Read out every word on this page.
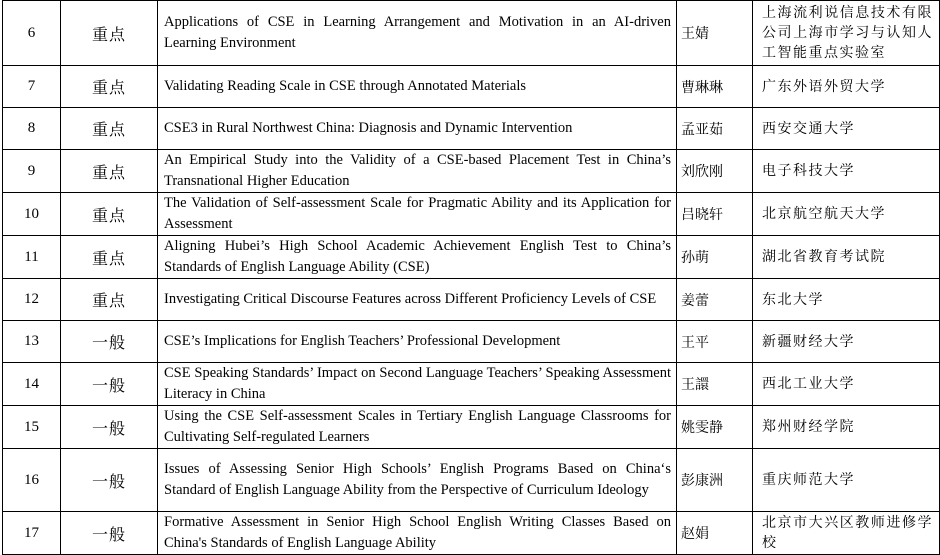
6	重点	Applications of CSE in Learning Arrangement and Motivation in an AI-driven Learning Environment	王婧	上海流利说信息技术有限公司上海市学习与认知人工智能重点实验室
7	重点	Validating Reading Scale in CSE through Annotated Materials	曹琳琳	广东外语外贸大学
8	重点	CSE3 in Rural Northwest China: Diagnosis and Dynamic Intervention	孟亚茹	西安交通大学
9	重点	An Empirical Study into the Validity of a CSE-based Placement Test in China’s Transnational Higher Education	刘欣刚	电子科技大学
10	重点	The Validation of Self-assessment Scale for Pragmatic Ability and its Application for Assessment	吕晓轩	北京航空航天大学
11	重点	Aligning Hubei’s High School Academic Achievement English Test to China’s Standards of English Language Ability (CSE)	孙萌	湖北省教育考试院
12	重点	Investigating Critical Discourse Features across Different Proficiency Levels of CSE	姜蕾	东北大学
13	一般	CSE’s Implications for English Teachers’ Professional Development	王平	新疆财经大学
14	一般	CSE Speaking Standards’ Impact on Second Language Teachers’ Speaking Assessment Literacy in China	王譞	西北工业大学
15	一般	Using the CSE Self-assessment Scales in Tertiary English Language Classrooms for Cultivating Self-regulated Learners	姚雯静	郑州财经学院
16	一般	Issues of Assessing Senior High Schools’ English Programs Based on China‘s Standard of English Language Ability from the Perspective of Curriculum Ideology	彭康洲	重庆师范大学
17	一般	Formative Assessment in Senior High School English Writing Classes Based on China's Standards of English Language Ability	赵娟	北京市大兴区教师进修学校
